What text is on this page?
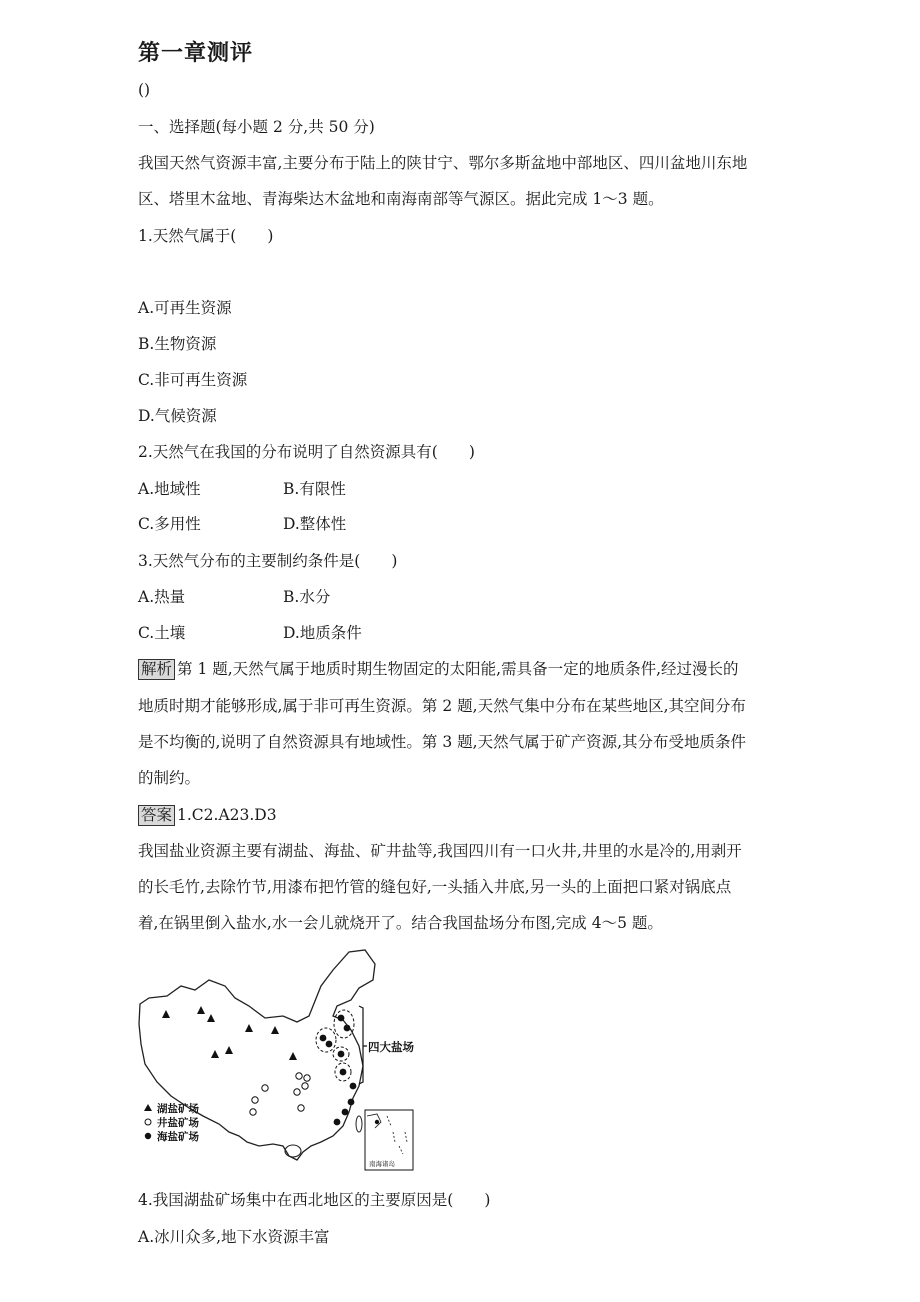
第一章测评
()
一、选择题(每小题 2 分,共 50 分)
我国天然气资源丰富,主要分布于陆上的陕甘宁、鄂尔多斯盆地中部地区、四川盆地川东地
区、塔里木盆地、青海柴达木盆地和南海南部等气源区。据此完成 1～3 题。
1.天然气属于(　　)
A.可再生资源
B.生物资源
C.非可再生资源
D.气候资源
2.天然气在我国的分布说明了自然资源具有(　　)
A.地域性	B.有限性
C.多用性	D.整体性
3.天然气分布的主要制约条件是(　　)
A.热量	B.水分
C.土壤	D.地质条件
解析 第 1 题,天然气属于地质时期生物固定的太阳能,需具备一定的地质条件,经过漫长的
地质时期才能够形成,属于非可再生资源。第 2 题,天然气集中分布在某些地区,其空间分布
是不均衡的,说明了自然资源具有地域性。第 3 题,天然气属于矿产资源,其分布受地质条件
的制约。
答案 1.C2.A23.D3
我国盐业资源主要有湖盐、海盐、矿井盐等,我国四川有一口火井,井里的水是冷的,用剥开
的长毛竹,去除竹节,用漆布把竹管的缝包好,一头插入井底,另一头的上面把口紧对锅底点
着,在锅里倒入盐水,水一会儿就烧开了。结合我国盐场分布图,完成 4～5 题。
四大盐场
湖盐矿场
井盐矿场
海盐矿场
南海诸岛
4.我国湖盐矿场集中在西北地区的主要原因是(　　)
A.冰川众多,地下水资源丰富
